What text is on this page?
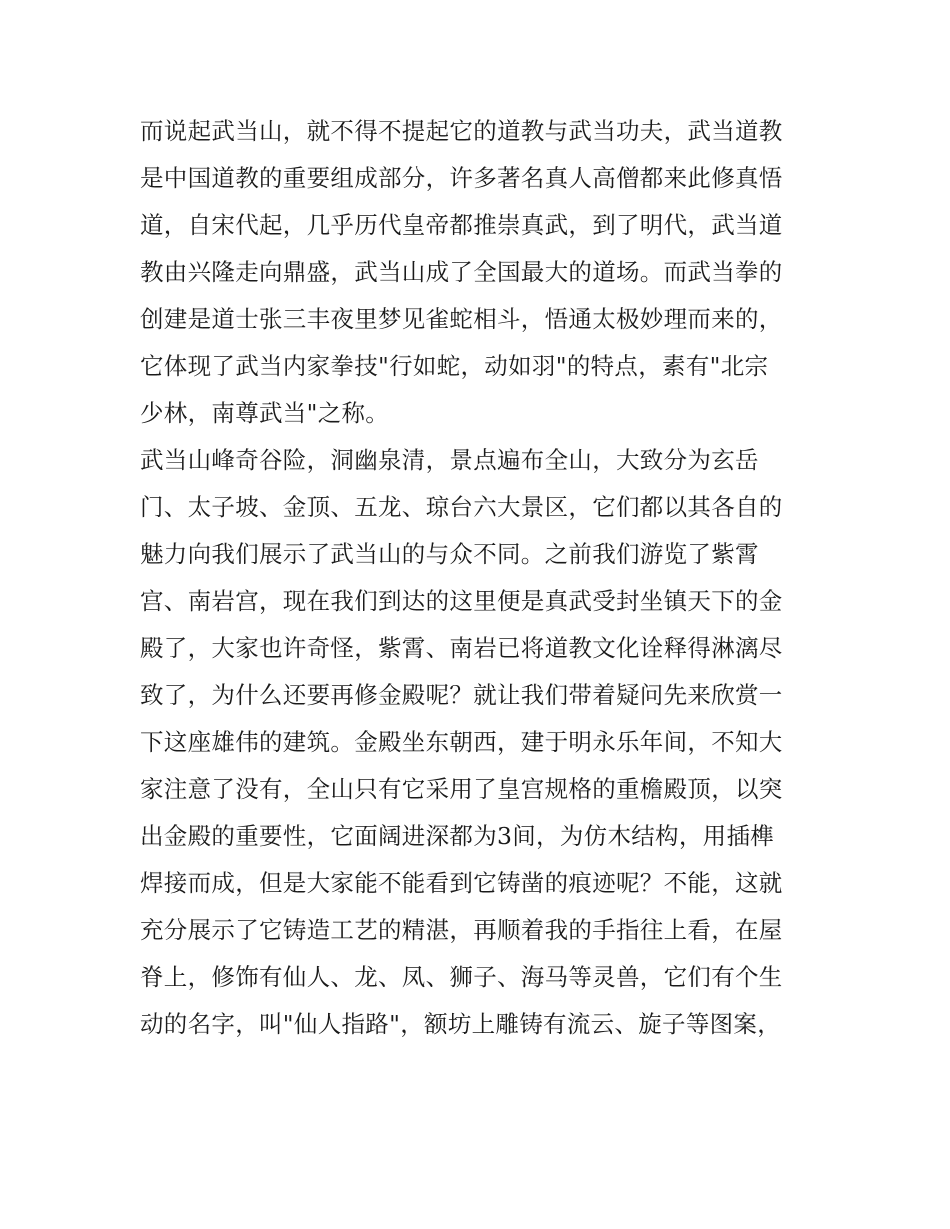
而说起武当山，就不得不提起它的道教与武当功夫，武当道教
是中国道教的重要组成部分，许多著名真人高僧都来此修真悟
道，自宋代起，几乎历代皇帝都推崇真武，到了明代，武当道
教由兴隆走向鼎盛，武当山成了全国最大的道场。而武当拳的
创建是道士张三丰夜里梦见雀蛇相斗，悟通太极妙理而来的，
它体现了武当内家拳技"行如蛇，动如羽"的特点，素有"北宗
少林，南尊武当"之称。
武当山峰奇谷险，洞幽泉清，景点遍布全山，大致分为玄岳
门、太子坡、金顶、五龙、琼台六大景区，它们都以其各自的
魅力向我们展示了武当山的与众不同。之前我们游览了紫霄
宫、南岩宫，现在我们到达的这里便是真武受封坐镇天下的金
殿了，大家也许奇怪，紫霄、南岩已将道教文化诠释得淋漓尽
致了，为什么还要再修金殿呢？就让我们带着疑问先来欣赏一
下这座雄伟的建筑。金殿坐东朝西，建于明永乐年间，不知大
家注意了没有，全山只有它采用了皇宫规格的重檐殿顶，以突
出金殿的重要性，它面阔进深都为3间，为仿木结构，用插榫
焊接而成，但是大家能不能看到它铸凿的痕迹呢？不能，这就
充分展示了它铸造工艺的精湛，再顺着我的手指往上看，在屋
脊上，修饰有仙人、龙、凤、狮子、海马等灵兽，它们有个生
动的名字，叫"仙人指路"，额坊上雕铸有流云、旋子等图案，
